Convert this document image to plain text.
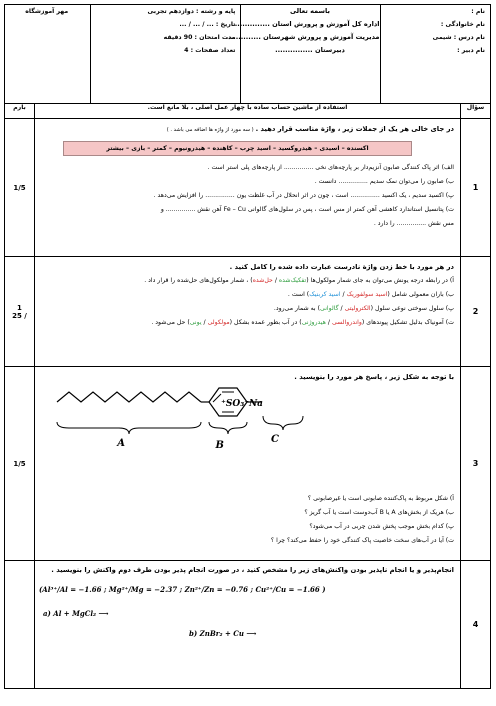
نام :
نام خانوادگی :
نام درس : شیمی
نام دبیر :

باسمه تعالی
اداره کل آموزش و پرورش استان ..............
مدیریت آموزش و پرورش شهرستان ..............
دبیرستان ...............

پایه و رشته : دوازدهم تجربی
تاریخ : ... / ... / ...
مدت امتحان : 90 دقیقه
تعداد صفحات : 4

مهر آموزشگاه

سؤال	استفاده از ماشین حساب ساده با چهار عمل اصلی ، بلا مانع است.	بارم
1	
در جای خالی هر یک از جملات زیر ، واژة مناسب قرار دهید . ( سه مورد از واژه ها اضافه می باشد . )
اکسنده – اسیدی – هیدروکسید – اسید چرب – کاهنده – هیدرونیوم – کمتر – بازی – بیشتر
الف) اثر پاک کنندگی صابون آنزیم‌دار بر پارچه‌های نخی ............... از پارچه‌های پلی استر است .
ب) صابون را می‌توان نمک سدیم ............... دانست .
پ) اکسید سدیم ، یک اکسید ............... است ، چون در اثر انحلال در آب غلظت یون ............... را افزایش می‌دهد .
ت) پتانسیل استاندارد کاهشی آهن کمتر از مس است ، پس در سلول‌های گالوانی Fe – Cu آهن نقش ............... و
مس نقش ............... را دارد .
	1/5
2	
در هر مورد با خط زدن واژة نادرست عبارت داده شده را کامل کنید .
آ) در رابطه درجه یونش می‌توان به جای شمار مولکول‌ها (تفکیک‌شده / حل‌شده) ، شمار مولکول‌های حل‌شده را قرار داد .
ب) باران معمولی شامل (اسید سولفوریک / اسید کربنیک) است .
پ) سلول سوختی نوعی سلول (الکترولیتی / گالوانی) به شمار می‌رود.
ت) آمونیاک بدلیل تشکیل پیوندهای (واندروالسی / هیدروژنی) در آب بطور عمده بشکل (مولکولی / یونی) حل می‌شود .
	1
/ 25
3	
با توجه به شکل زیر ، پاسخ هر مورد را بنویسید .
SO₃⁻Na⁺
A	B
C
آ) شکل مربوط به پاک‌کننده صابونی است یا غیرصابونی ؟
ب) هریک از بخش‌های A یا B آب‌دوست است یا آب گریز ؟
پ) کدام بخش موجب پخش شدن چربی در آب می‌شود؟
ت) آیا در آب‌های سخت خاصیت پاک کنندگی خود را حفظ می‌کند؟ چرا ؟
	1/5
4	
انجام‌پذیر و یا انجام ناپذیر بودن واکنش‌های زیر را مشخص کنید ، در صورت انجام پذیر بودن طرف دوم واکنش را بنویسید .
(Al³⁺/Al = −1.66 ; Mg²⁺/Mg = −2.37 ; Zn²⁺/Zn = −0.76 ; Cu²⁺/Cu = −1.66 )
a) Al + MgCl₂ ⟶
b) ZnBr₂ + Cu ⟶
